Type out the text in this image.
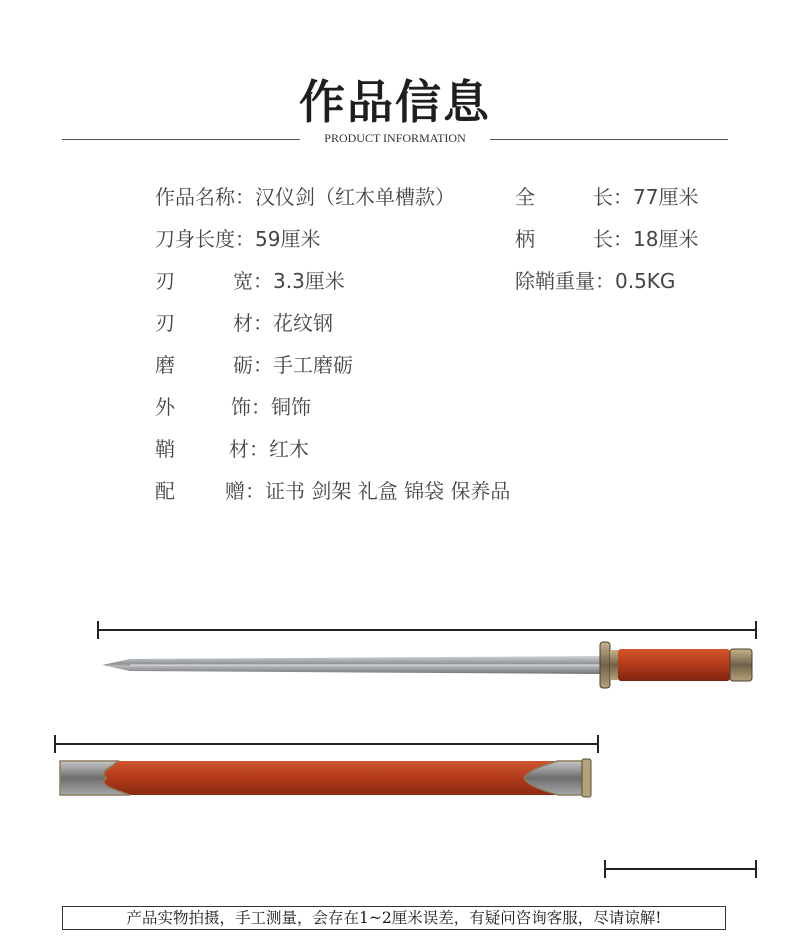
作品信息
PRODUCT INFORMATION
作品名称：汉仪剑（红木单槽款）
刀身长度：59厘米
刃	宽 ：3.3厘米
刃	材 ：花纹钢
磨	砺 ：手工磨砺
外	饰 ：铜饰
鞘	材 ：红木
配	赠 ：证书 剑架 礼盒 锦袋 保养品
全	长 ：77厘米
柄	长 ：18厘米
除鞘重量：0.5KG
产品实物拍摄，手工测量，会存在1~2厘米误差，有疑问咨询客服，尽请谅解!
